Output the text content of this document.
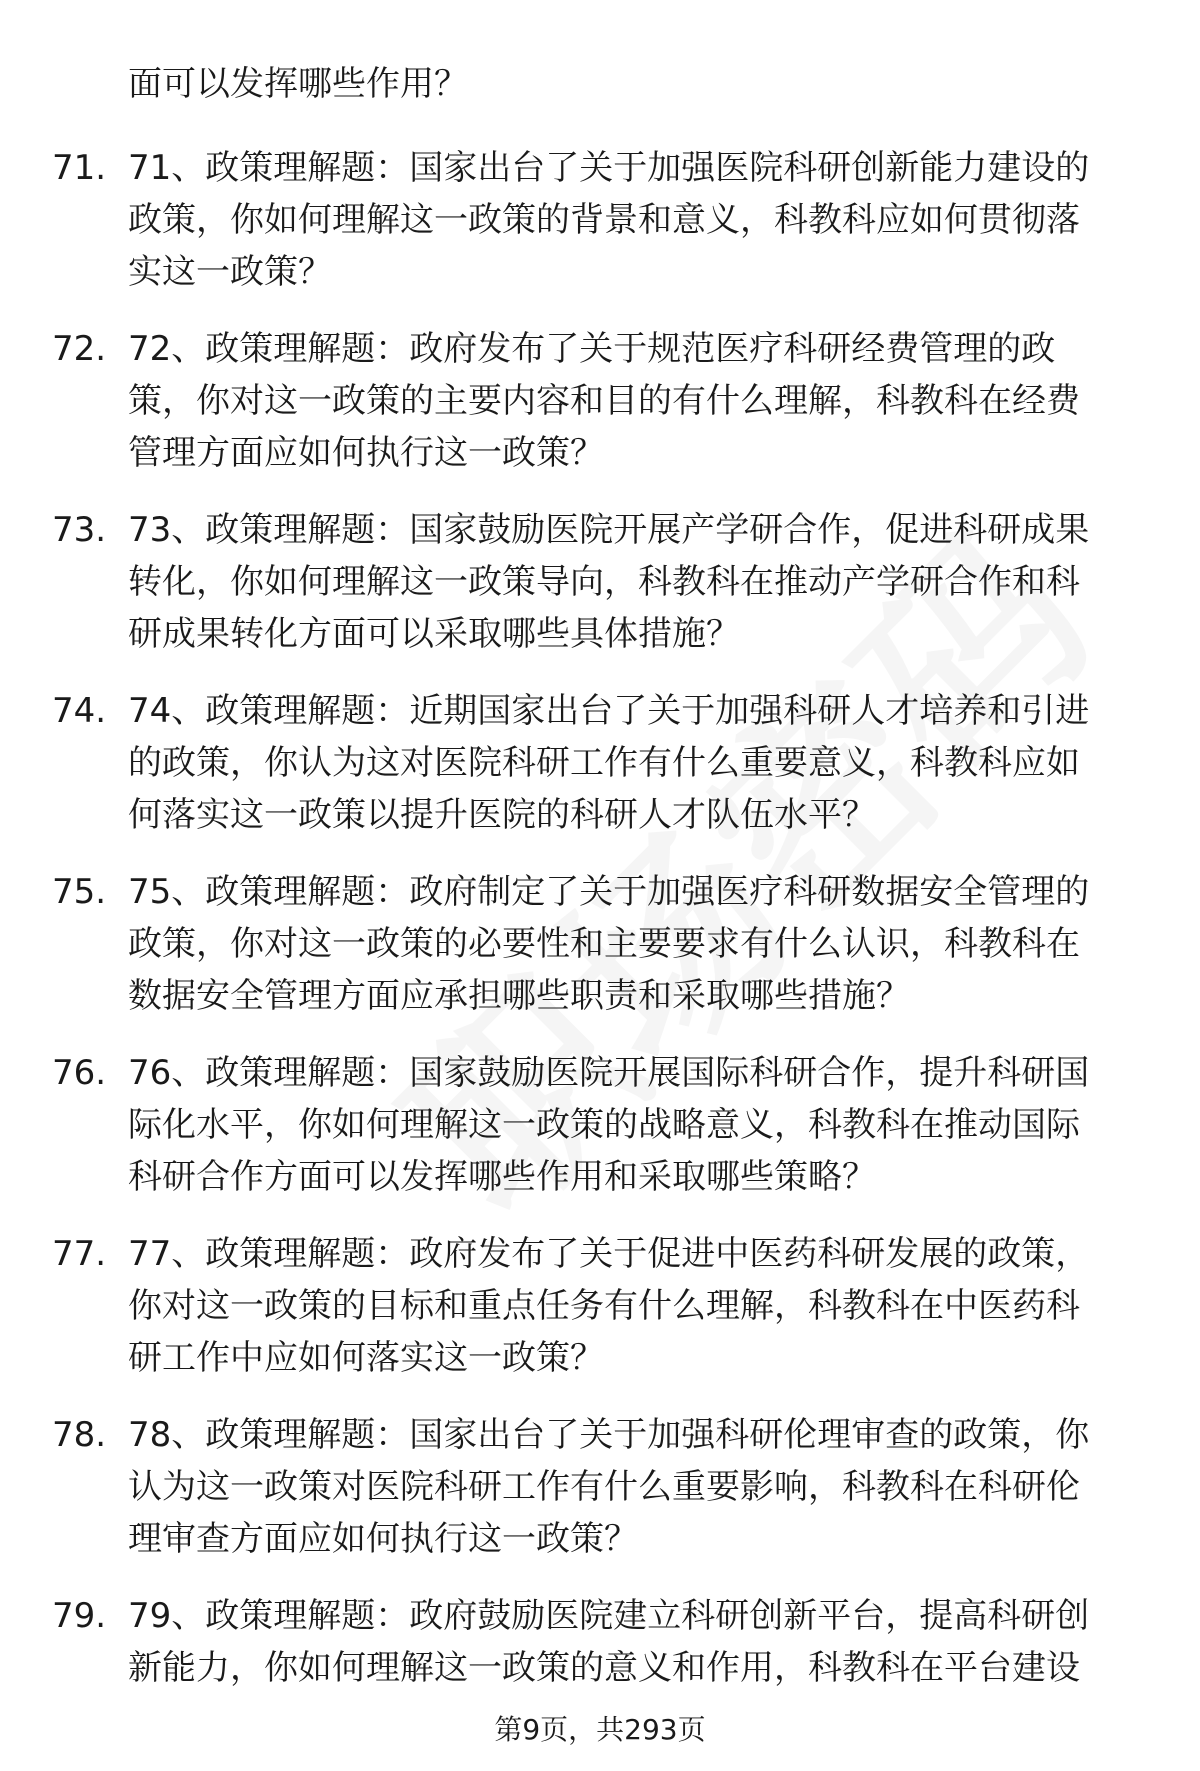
面可以发挥哪些作用？
71. 71、政策理解题：国家出台了关于加强医院科研创新能力建设的
政策，你如何理解这一政策的背景和意义，科教科应如何贯彻落
实这一政策？
72. 72、政策理解题：政府发布了关于规范医疗科研经费管理的政
策，你对这一政策的主要内容和目的有什么理解，科教科在经费
管理方面应如何执行这一政策？
73. 73、政策理解题：国家鼓励医院开展产学研合作，促进科研成果
转化，你如何理解这一政策导向，科教科在推动产学研合作和科
研成果转化方面可以采取哪些具体措施？
74. 74、政策理解题：近期国家出台了关于加强科研人才培养和引进
的政策，你认为这对医院科研工作有什么重要意义，科教科应如
何落实这一政策以提升医院的科研人才队伍水平？
75. 75、政策理解题：政府制定了关于加强医疗科研数据安全管理的
政策，你对这一政策的必要性和主要要求有什么认识，科教科在
数据安全管理方面应承担哪些职责和采取哪些措施？
76. 76、政策理解题：国家鼓励医院开展国际科研合作，提升科研国
际化水平，你如何理解这一政策的战略意义，科教科在推动国际
科研合作方面可以发挥哪些作用和采取哪些策略？
77. 77、政策理解题：政府发布了关于促进中医药科研发展的政策，
你对这一政策的目标和重点任务有什么理解，科教科在中医药科
研工作中应如何落实这一政策？
78. 78、政策理解题：国家出台了关于加强科研伦理审查的政策，你
认为这一政策对医院科研工作有什么重要影响，科教科在科研伦
理审查方面应如何执行这一政策？
79. 79、政策理解题：政府鼓励医院建立科研创新平台，提高科研创
新能力，你如何理解这一政策的意义和作用，科教科在平台建设
第9页，共293页
